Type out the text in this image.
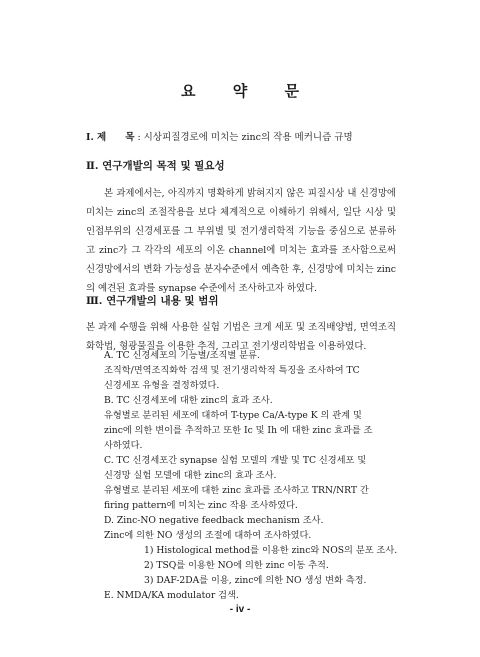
요 약 문
Ⅰ. 제　　목 : 시상피질경로에 미치는 zinc의 작용 메커니즘 규명
Ⅱ. 연구개발의 목적 및 필요성
본 과제에서는, 아직까지 명확하게 밝혀지지 않은 피질시상 내 신경망에 미치는 zinc의 조절작용을 보다 체계적으로 이해하기 위해서, 일단 시상 및 인접부위의 신경세포를 그 부위별 및 전기생리학적 기능을 중심으로 분류하고 zinc가 그 각각의 세포의 이온 channel에 미치는 효과를 조사함으로써 신경망에서의 변화 가능성을 분자수준에서 예측한 후, 신경망에 미치는 zinc의 예견된 효과를 synapse 수준에서 조사하고자 하였다.
Ⅲ. 연구개발의 내용 및 범위
본 과제 수행을 위해 사용한 실험 기법은 크게 세포 및 조직배양법, 면역조직화학법, 형광물질을 이용한 추적, 그리고 전기생리학법을 이용하였다.
A. TC 신경세포의 기능별/조직별 분류.
조직학/면역조직화학 검색 및 전기생리학적 특징을 조사하여 TC
신경세포 유형을 결정하였다.
B. TC 신경세포에 대한 zinc의 효과 조사.
유형별로 분리된 세포에 대하여 T-type Ca/A-type K 의 관계 및
zinc에 의한 변이를 추적하고 또한 Ic 및 Ih 에 대한 zinc 효과를 조
사하였다.
C. TC 신경세포간 synapse 실험 모델의 개발 및 TC 신경세포 및
신경망 실험 모델에 대한 zinc의 효과 조사.
유형별로 분리된 세포에 대한 zinc 효과를 조사하고 TRN/NRT 간
firing pattern에 미치는 zinc 작용 조사하였다.
D. Zinc-NO negative feedback mechanism 조사.
Zinc에 의한 NO 생성의 조절에 대하여 조사하였다.
1) Histological method를 이용한 zinc와 NOS의 분포 조사.
2) TSQ를 이용한 NO에 의한 zinc 이동 추적.
- iv -
3) DAF-2DA를 이용, zinc에 의한 NO 생성 변화 측정.
E. NMDA/KA modulator 검색.
